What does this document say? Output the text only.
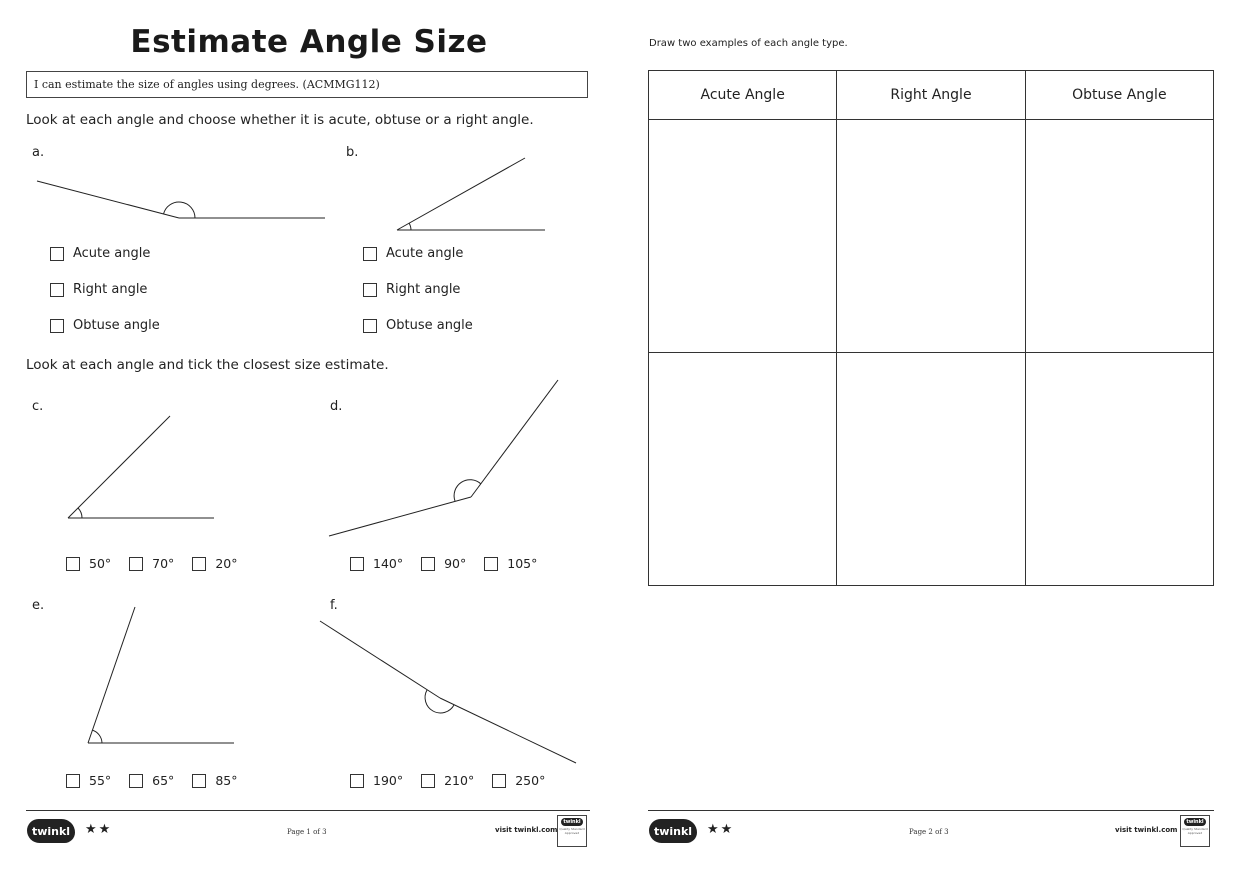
Estimate Angle Size
I can estimate the size of angles using degrees. (ACMMG112)
Look at each angle and choose whether it is acute, obtuse or a right angle.
a.
Acute angle
Right angle
Obtuse angle
b.
Acute angle
Right angle
Obtuse angle
Look at each angle and tick the closest size estimate.
c.
50°	70°	20°
d.
140°	90°	105°
e.
55°	65°	85°
f.
190°	210°	250°
twinkl	★★	Page 1 of 3	visit twinkl.com
twinkl
Quality Standard Approved
Draw two examples of each angle type.
Acute Angle	Right Angle	Obtuse Angle

twinkl	★★	Page 2 of 3	visit twinkl.com
twinkl
Quality Standard Approved
